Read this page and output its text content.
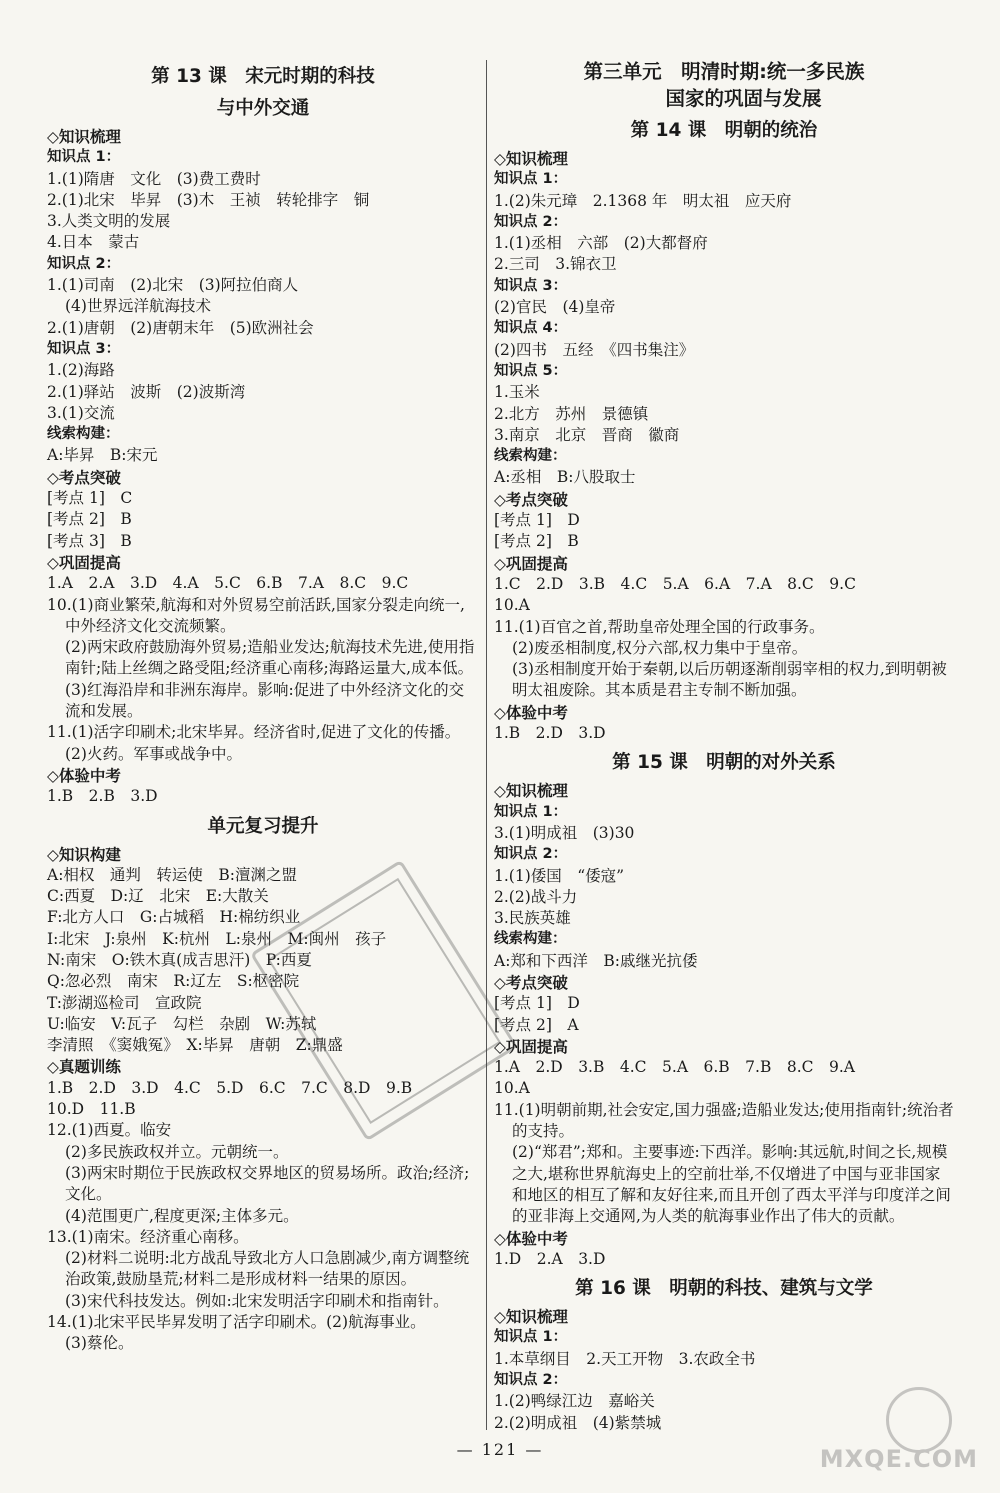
第 13 课　宋元时期的科技
与中外交通
◇知识梳理
知识点 1：
1.(1)隋唐　文化　(3)费工费时
2.(1)北宋　毕昇　(3)木　王祯　转轮排字　铜
3.人类文明的发展
4.日本　蒙古
知识点 2：
1.(1)司南　(2)北宋　(3)阿拉伯商人
(4)世界远洋航海技术
2.(1)唐朝　(2)唐朝末年　(5)欧洲社会
知识点 3：
1.(2)海路
2.(1)驿站　波斯　(2)波斯湾
3.(1)交流
线索构建：
A:毕昇　B:宋元
◇考点突破
[考点 1]　C
[考点 2]　B
[考点 3]　B
◇巩固提高
1.A　2.A　3.D　4.A　5.C　6.B　7.A　8.C　9.C
10.(1)商业繁荣,航海和对外贸易空前活跃,国家分裂走向统一,中外经济文化交流频繁。
(2)两宋政府鼓励海外贸易;造船业发达;航海技术先进,使用指南针;陆上丝绸之路受阻;经济重心南移;海路运量大,成本低。
(3)红海沿岸和非洲东海岸。影响:促进了中外经济文化的交流和发展。
11.(1)活字印刷术;北宋毕昇。经济省时,促进了文化的传播。
(2)火药。军事或战争中。
◇体验中考
1.B　2.B　3.D
单元复习提升
◇知识构建
A:相权　通判　转运使　B:澶渊之盟
C:西夏　D:辽　北宋　E:大散关
F:北方人口　G:占城稻　H:棉纺织业
I:北宋　J:泉州　K:杭州　L:泉州　M:闽州　孩子
N:南宋　O:铁木真(成吉思汗)　P:西夏
Q:忽必烈　南宋　R:辽左　S:枢密院
T:澎湖巡检司　宣政院
U:临安　V:瓦子　勾栏　杂剧　W:苏轼
李清照　《窦娥冤》　X:毕昇　唐朝　Z:鼎盛
◇真题训练
1.B　2.D　3.D　4.C　5.D　6.C　7.C　8.D　9.B
10.D　11.B
12.(1)西夏。临安
(2)多民族政权并立。元朝统一。
(3)两宋时期位于民族政权交界地区的贸易场所。政治;经济;文化。
(4)范围更广,程度更深;主体多元。
13.(1)南宋。经济重心南移。
(2)材料二说明:北方战乱导致北方人口急剧减少,南方调整统治政策,鼓励垦荒;材料二是形成材料一结果的原因。
(3)宋代科技发达。例如:北宋发明活字印刷术和指南针。
14.(1)北宋平民毕昇发明了活字印刷术。(2)航海事业。
(3)蔡伦。
第三单元　明清时期:统一多民族
　　国家的巩固与发展
第 14 课　明朝的统治
◇知识梳理
知识点 1：
1.(2)朱元璋　2.1368 年　明太祖　应天府
知识点 2：
1.(1)丞相　六部　(2)大都督府
2.三司　3.锦衣卫
知识点 3：
(2)官民　(4)皇帝
知识点 4：
(2)四书　五经　《四书集注》
知识点 5：
1.玉米
2.北方　苏州　景德镇
3.南京　北京　晋商　徽商
线索构建：
A:丞相　B:八股取士
◇考点突破
[考点 1]　D
[考点 2]　B
◇巩固提高
1.C　2.D　3.B　4.C　5.A　6.A　7.A　8.C　9.C
10.A
11.(1)百官之首,帮助皇帝处理全国的行政事务。
(2)废丞相制度,权分六部,权力集中于皇帝。
(3)丞相制度开始于秦朝,以后历朝逐渐削弱宰相的权力,到明朝被明太祖废除。其本质是君主专制不断加强。
◇体验中考
1.B　2.D　3.D
第 15 课　明朝的对外关系
◇知识梳理
知识点 1：
3.(1)明成祖　(3)30
知识点 2：
1.(1)倭国　“倭寇”
2.(2)战斗力
3.民族英雄
线索构建：
A:郑和下西洋　B:戚继光抗倭
◇考点突破
[考点 1]　D
[考点 2]　A
◇巩固提高
1.A　2.D　3.B　4.C　5.A　6.B　7.B　8.C　9.A
10.A
11.(1)明朝前期,社会安定,国力强盛;造船业发达;使用指南针;统治者的支持。
(2)“郑君”;郑和。主要事迹:下西洋。影响:其远航,时间之长,规模之大,堪称世界航海史上的空前壮举,不仅增进了中国与亚非国家和地区的相互了解和友好往来,而且开创了西太平洋与印度洋之间的亚非海上交通网,为人类的航海事业作出了伟大的贡献。
◇体验中考
1.D　2.A　3.D
第 16 课　明朝的科技、建筑与文学
◇知识梳理
知识点 1：
1.本草纲目　2.天工开物　3.农政全书
知识点 2：
1.(2)鸭绿江边　嘉峪关
2.(2)明成祖　(4)紫禁城
— 121 —	MXQE.COM
